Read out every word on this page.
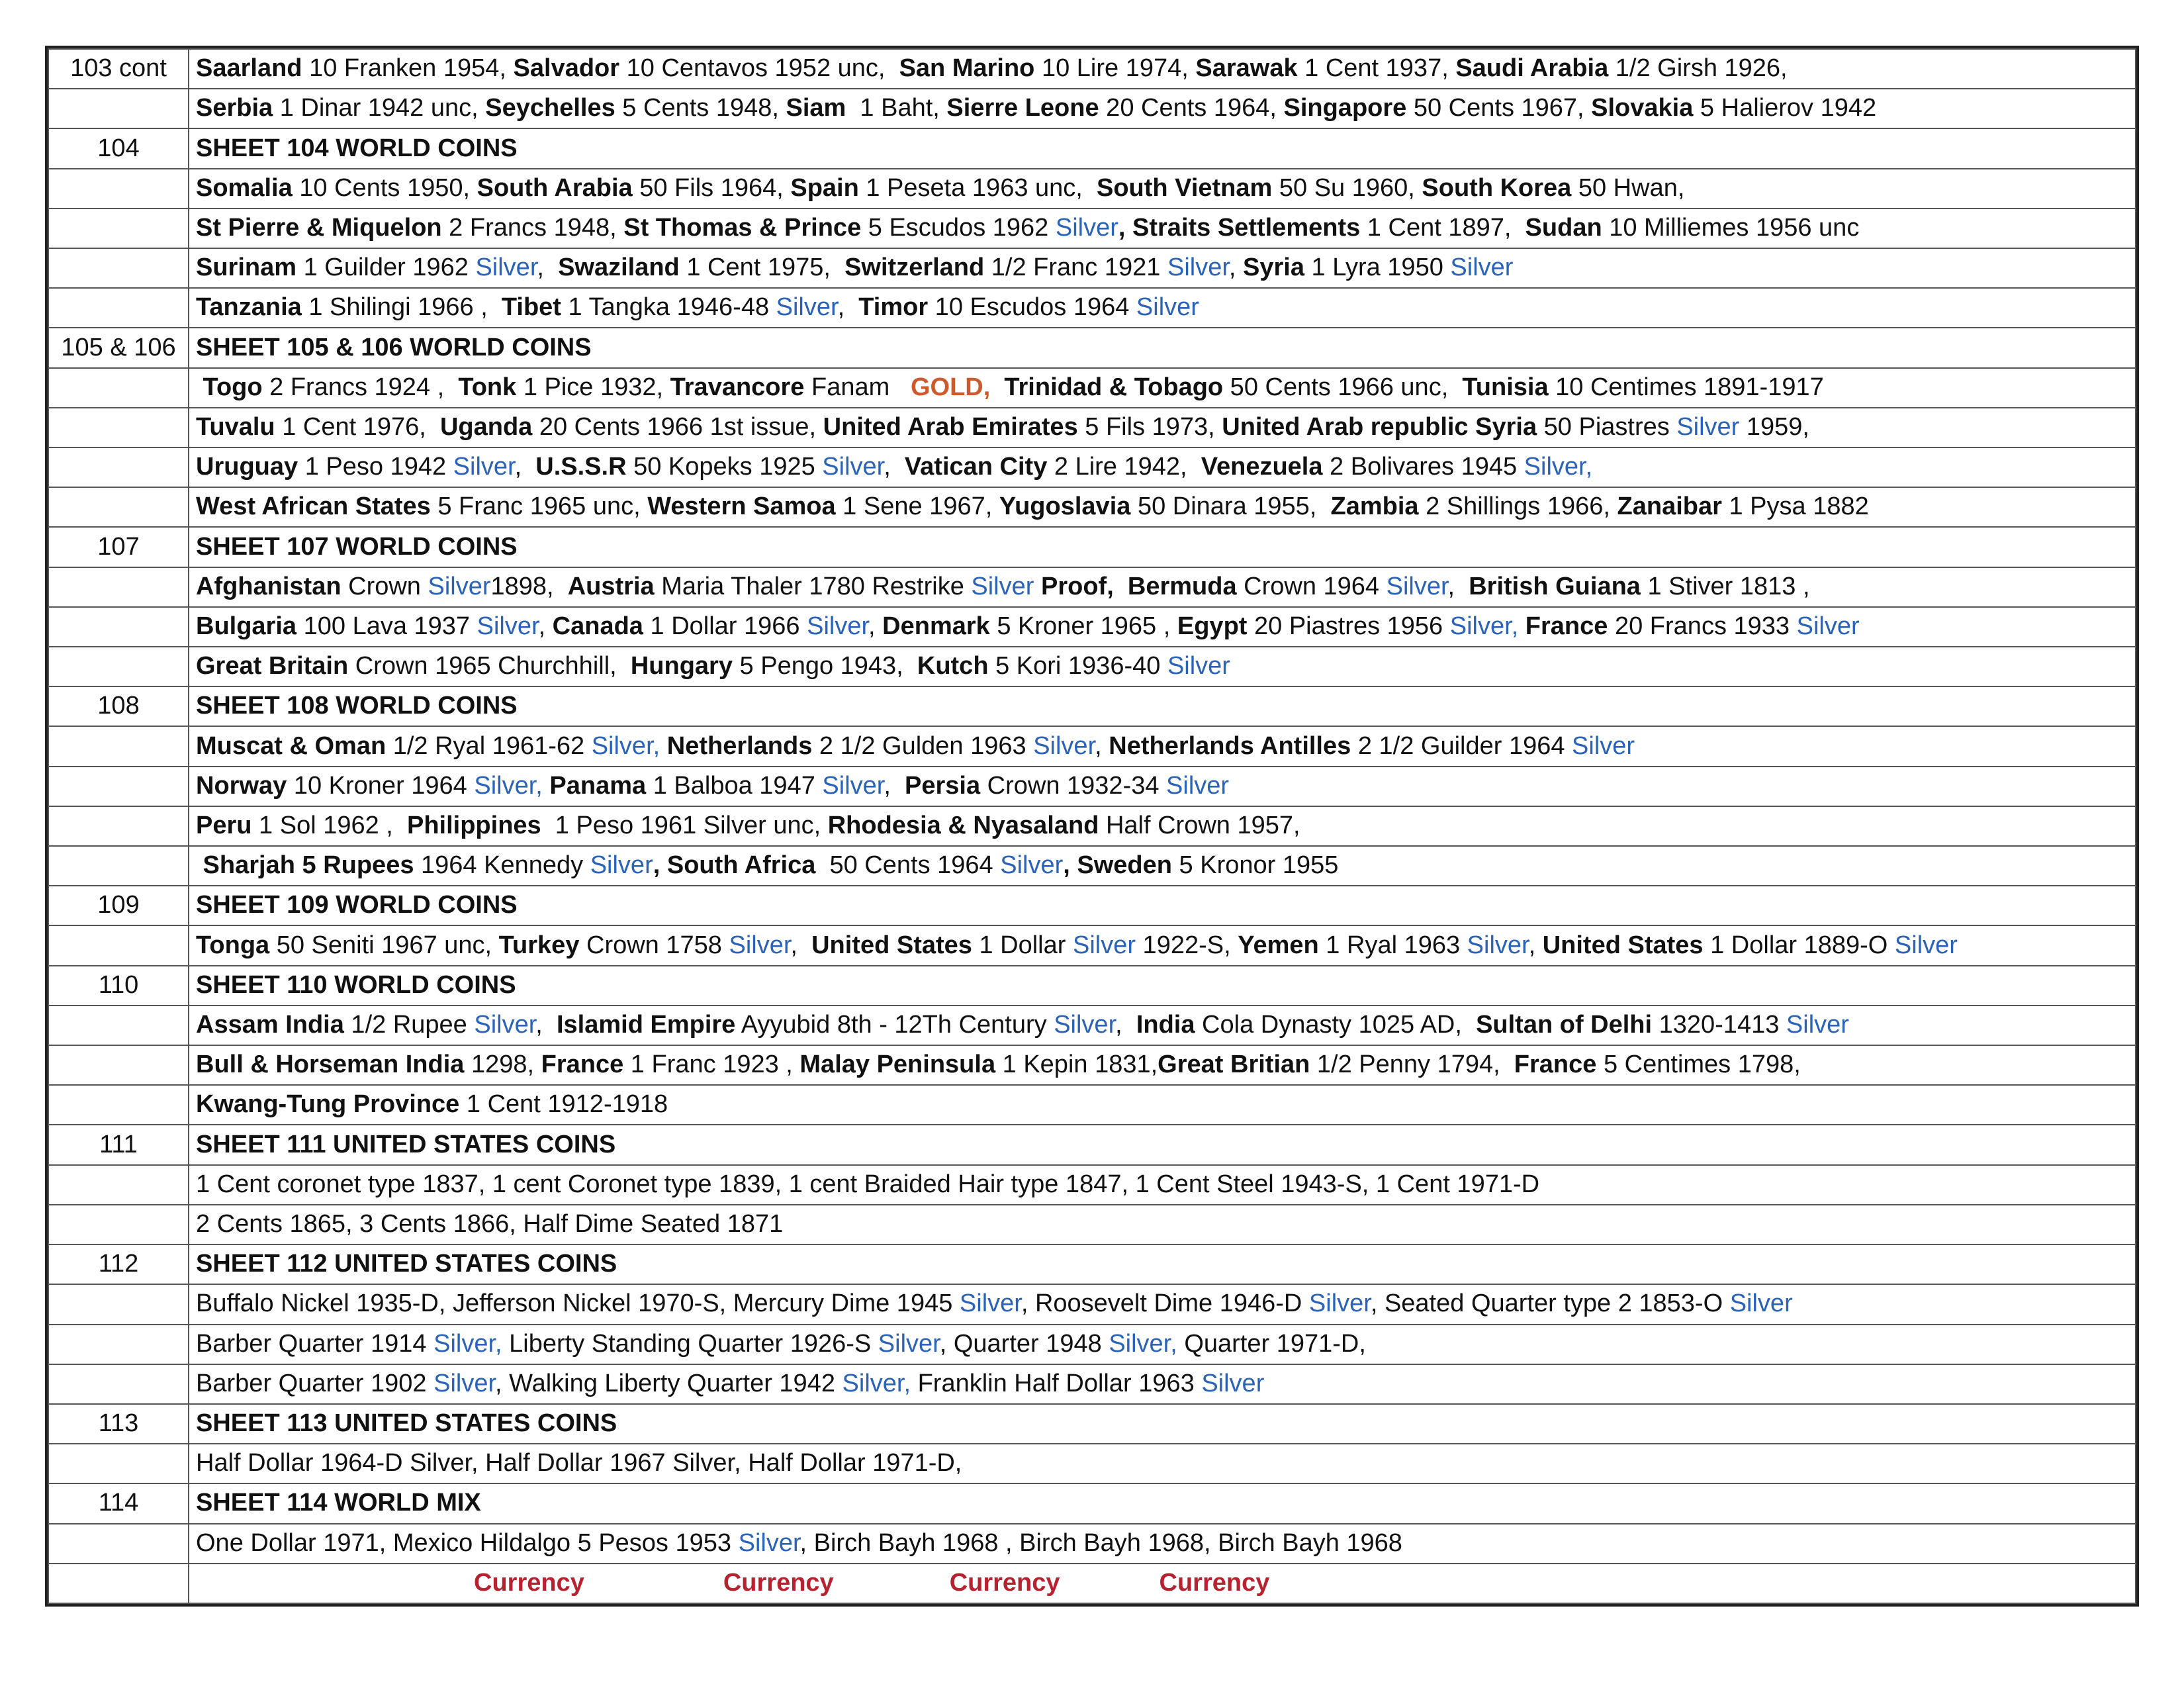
103 cont	Saarland 10 Franken 1954, Salvador 10 Centavos 1952 unc,  San Marino 10 Lire 1974, Sarawak 1 Cent 1937, Saudi Arabia 1/2 Girsh 1926,
	Serbia 1 Dinar 1942 unc, Seychelles 5 Cents 1948, Siam  1 Baht, Sierre Leone 20 Cents 1964, Singapore 50 Cents 1967, Slovakia 5 Halierov 1942
104	SHEET 104 WORLD COINS
	Somalia 10 Cents 1950, South Arabia 50 Fils 1964, Spain 1 Peseta 1963 unc,  South Vietnam 50 Su 1960, South Korea 50 Hwan,
	St Pierre & Miquelon 2 Francs 1948, St Thomas & Prince 5 Escudos 1962 Silver, Straits Settlements 1 Cent 1897,  Sudan 10 Milliemes 1956 unc
	Surinam 1 Guilder 1962 Silver,  Swaziland 1 Cent 1975,  Switzerland 1/2 Franc 1921 Silver, Syria 1 Lyra 1950 Silver
	Tanzania 1 Shilingi 1966 ,  Tibet 1 Tangka 1946-48 Silver,  Timor 10 Escudos 1964 Silver
105 & 106	SHEET 105 & 106 WORLD COINS
	Togo 2 Francs 1924 ,  Tonk 1 Pice 1932, Travancore Fanam   GOLD, Trinidad & Tobago 50 Cents 1966 unc,  Tunisia 10 Centimes 1891-1917
	Tuvalu 1 Cent 1976,  Uganda 20 Cents 1966 1st issue, United Arab Emirates 5 Fils 1973, United Arab republic Syria 50 Piastres Silver 1959,
	Uruguay 1 Peso 1942 Silver,  U.S.S.R 50 Kopeks 1925 Silver,  Vatican City 2 Lire 1942,  Venezuela 2 Bolivares 1945 Silver,
	West African States 5 Franc 1965 unc, Western Samoa 1 Sene 1967, Yugoslavia 50 Dinara 1955,  Zambia 2 Shillings 1966, Zanaibar 1 Pysa 1882
107	SHEET 107 WORLD COINS
	Afghanistan Crown Silver1898,  Austria Maria Thaler 1780 Restrike Silver Proof, Bermuda Crown 1964 Silver,  British Guiana 1 Stiver 1813 ,
	Bulgaria 100 Lava 1937 Silver, Canada 1 Dollar 1966 Silver, Denmark 5 Kroner 1965 , Egypt 20 Piastres 1956 Silver, France 20 Francs 1933 Silver
	Great Britain Crown 1965 Churchhill,  Hungary 5 Pengo 1943,  Kutch 5 Kori 1936-40 Silver
108	SHEET 108 WORLD COINS
	Muscat & Oman 1/2 Ryal 1961-62 Silver, Netherlands 2 1/2 Gulden 1963 Silver, Netherlands Antilles 2 1/2 Guilder 1964 Silver
	Norway 10 Kroner 1964 Silver, Panama 1 Balboa 1947 Silver,  Persia Crown 1932-34 Silver
	Peru 1 Sol 1962 ,  Philippines  1 Peso 1961 Silver unc, Rhodesia & Nyasaland Half Crown 1957,
	Sharjah 5 Rupees 1964 Kennedy Silver, South Africa  50 Cents 1964 Silver, Sweden 5 Kronor 1955
109	SHEET 109 WORLD COINS
	Tonga 50 Seniti 1967 unc, Turkey Crown 1758 Silver,  United States 1 Dollar Silver 1922-S, Yemen 1 Ryal 1963 Silver, United States 1 Dollar 1889-O Silver
110	SHEET 110 WORLD COINS
	Assam India 1/2 Rupee Silver,  Islamid Empire Ayyubid 8th - 12Th Century Silver,  India Cola Dynasty 1025 AD,  Sultan of Delhi 1320-1413 Silver
	Bull & Horseman India 1298, France 1 Franc 1923 , Malay Peninsula 1 Kepin 1831,Great Britian 1/2 Penny 1794,  France 5 Centimes 1798,
	Kwang-Tung Province 1 Cent 1912-1918
111	SHEET 111 UNITED STATES COINS
	1 Cent coronet type 1837, 1 cent Coronet type 1839, 1 cent Braided Hair type 1847, 1 Cent Steel 1943-S, 1 Cent 1971-D
	2 Cents 1865, 3 Cents 1866, Half Dime Seated 1871
112	SHEET 112 UNITED STATES COINS
	Buffalo Nickel 1935-D, Jefferson Nickel 1970-S, Mercury Dime 1945 Silver, Roosevelt Dime 1946-D Silver, Seated Quarter type 2 1853-O Silver
	Barber Quarter 1914 Silver, Liberty Standing Quarter 1926-S Silver, Quarter 1948 Silver, Quarter 1971-D,
	Barber Quarter 1902 Silver, Walking Liberty Quarter 1942 Silver, Franklin Half Dollar 1963 Silver
113	SHEET 113 UNITED STATES COINS
	Half Dollar 1964-D Silver, Half Dollar 1967 Silver, Half Dollar 1971-D,
114	SHEET 114 WORLD MIX
	One Dollar 1971, Mexico Hildalgo 5 Pesos 1953 Silver, Birch Bayh 1968 , Birch Bayh 1968, Birch Bayh 1968
	Currency Currency Currency Currency
